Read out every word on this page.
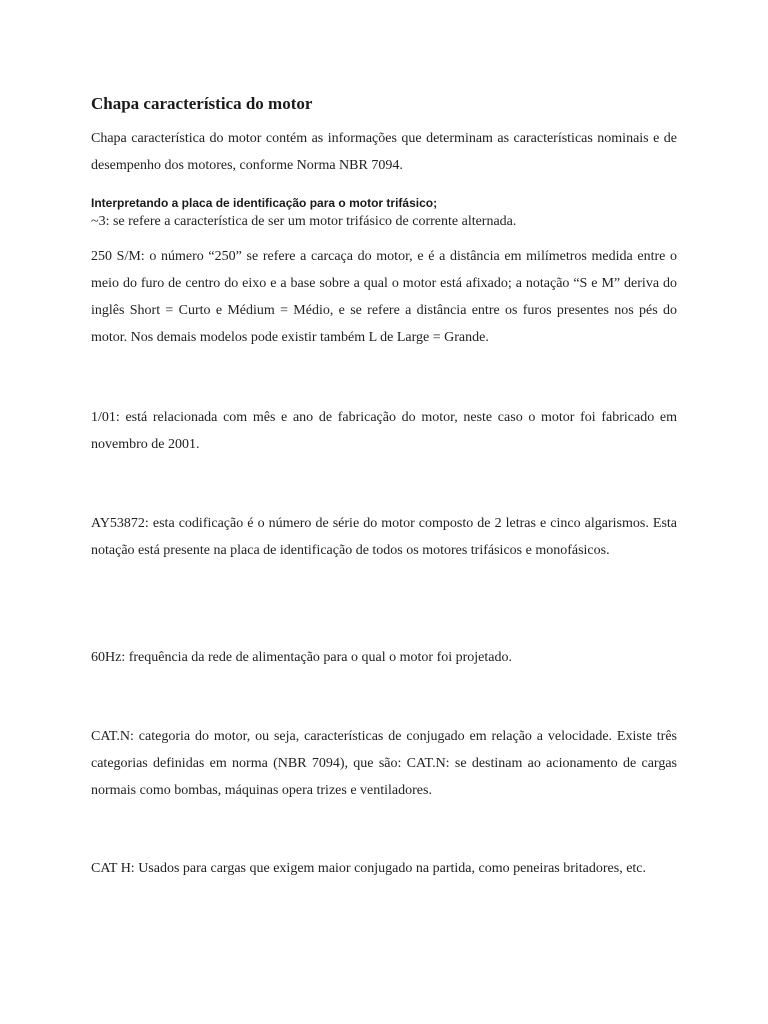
Chapa característica do motor

Chapa característica do motor contém as informações que determinam as características nominais e de desempenho dos motores, conforme Norma NBR 7094.

Interpretando a placa de identificação para o motor trifásico;

~3: se refere a característica de ser um motor trifásico de corrente alternada.

250 S/M: o número “250” se refere a carcaça do motor, e é a distância em milímetros medida entre o meio do furo de centro do eixo e a base sobre a qual o motor está afixado; a notação “S e M” deriva do inglês Short = Curto e Médium = Médio, e se refere a distância entre os furos presentes nos pés do motor. Nos demais modelos pode existir também L de Large = Grande.

1/01: está relacionada com mês e ano de fabricação do motor, neste caso o motor foi fabricado em novembro de 2001.

AY53872: esta codificação é o número de série do motor composto de 2 letras e cinco algarismos. Esta notação está presente na placa de identificação de todos os motores trifásicos e monofásicos.

60Hz: frequência da rede de alimentação para o qual o motor foi projetado.

CAT.N: categoria do motor, ou seja, características de conjugado em relação a velocidade. Existe três categorias definidas em norma (NBR 7094), que são: CAT.N: se destinam ao acionamento de cargas normais como bombas, máquinas opera trizes e ventiladores.

CAT H: Usados para cargas que exigem maior conjugado na partida, como peneiras britadores, etc.
